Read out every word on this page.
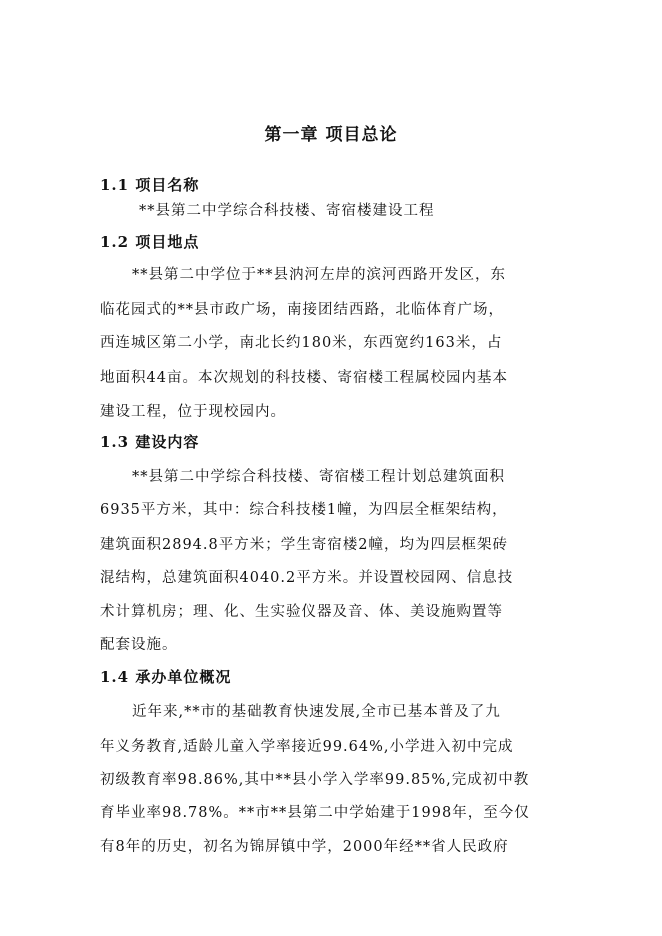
第一章 项目总论
1.1 项目名称
**县第二中学综合科技楼、寄宿楼建设工程
1.2 项目地点
**县第二中学位于**县汭河左岸的滨河西路开发区，东
临花园式的**县市政广场，南接团结西路，北临体育广场，
西连城区第二小学，南北长约180米，东西宽约163米，占
地面积44亩。本次规划的科技楼、寄宿楼工程属校园内基本
建设工程，位于现校园内。
1.3 建设内容
**县第二中学综合科技楼、寄宿楼工程计划总建筑面积
6935平方米，其中：综合科技楼1幢，为四层全框架结构，
建筑面积2894.8平方米；学生寄宿楼2幢，均为四层框架砖
混结构，总建筑面积4040.2平方米。并设置校园网、信息技
术计算机房；理、化、生实验仪器及音、体、美设施购置等
配套设施。
1.4 承办单位概况
近年来,**市的基础教育快速发展,全市已基本普及了九
年义务教育,适龄儿童入学率接近99.64%,小学进入初中完成
初级教育率98.86%,其中**县小学入学率99.85%,完成初中教
育毕业率98.78%。**市**县第二中学始建于1998年，至今仅
有8年的历史，初名为锦屏镇中学，2000年经**省人民政府
